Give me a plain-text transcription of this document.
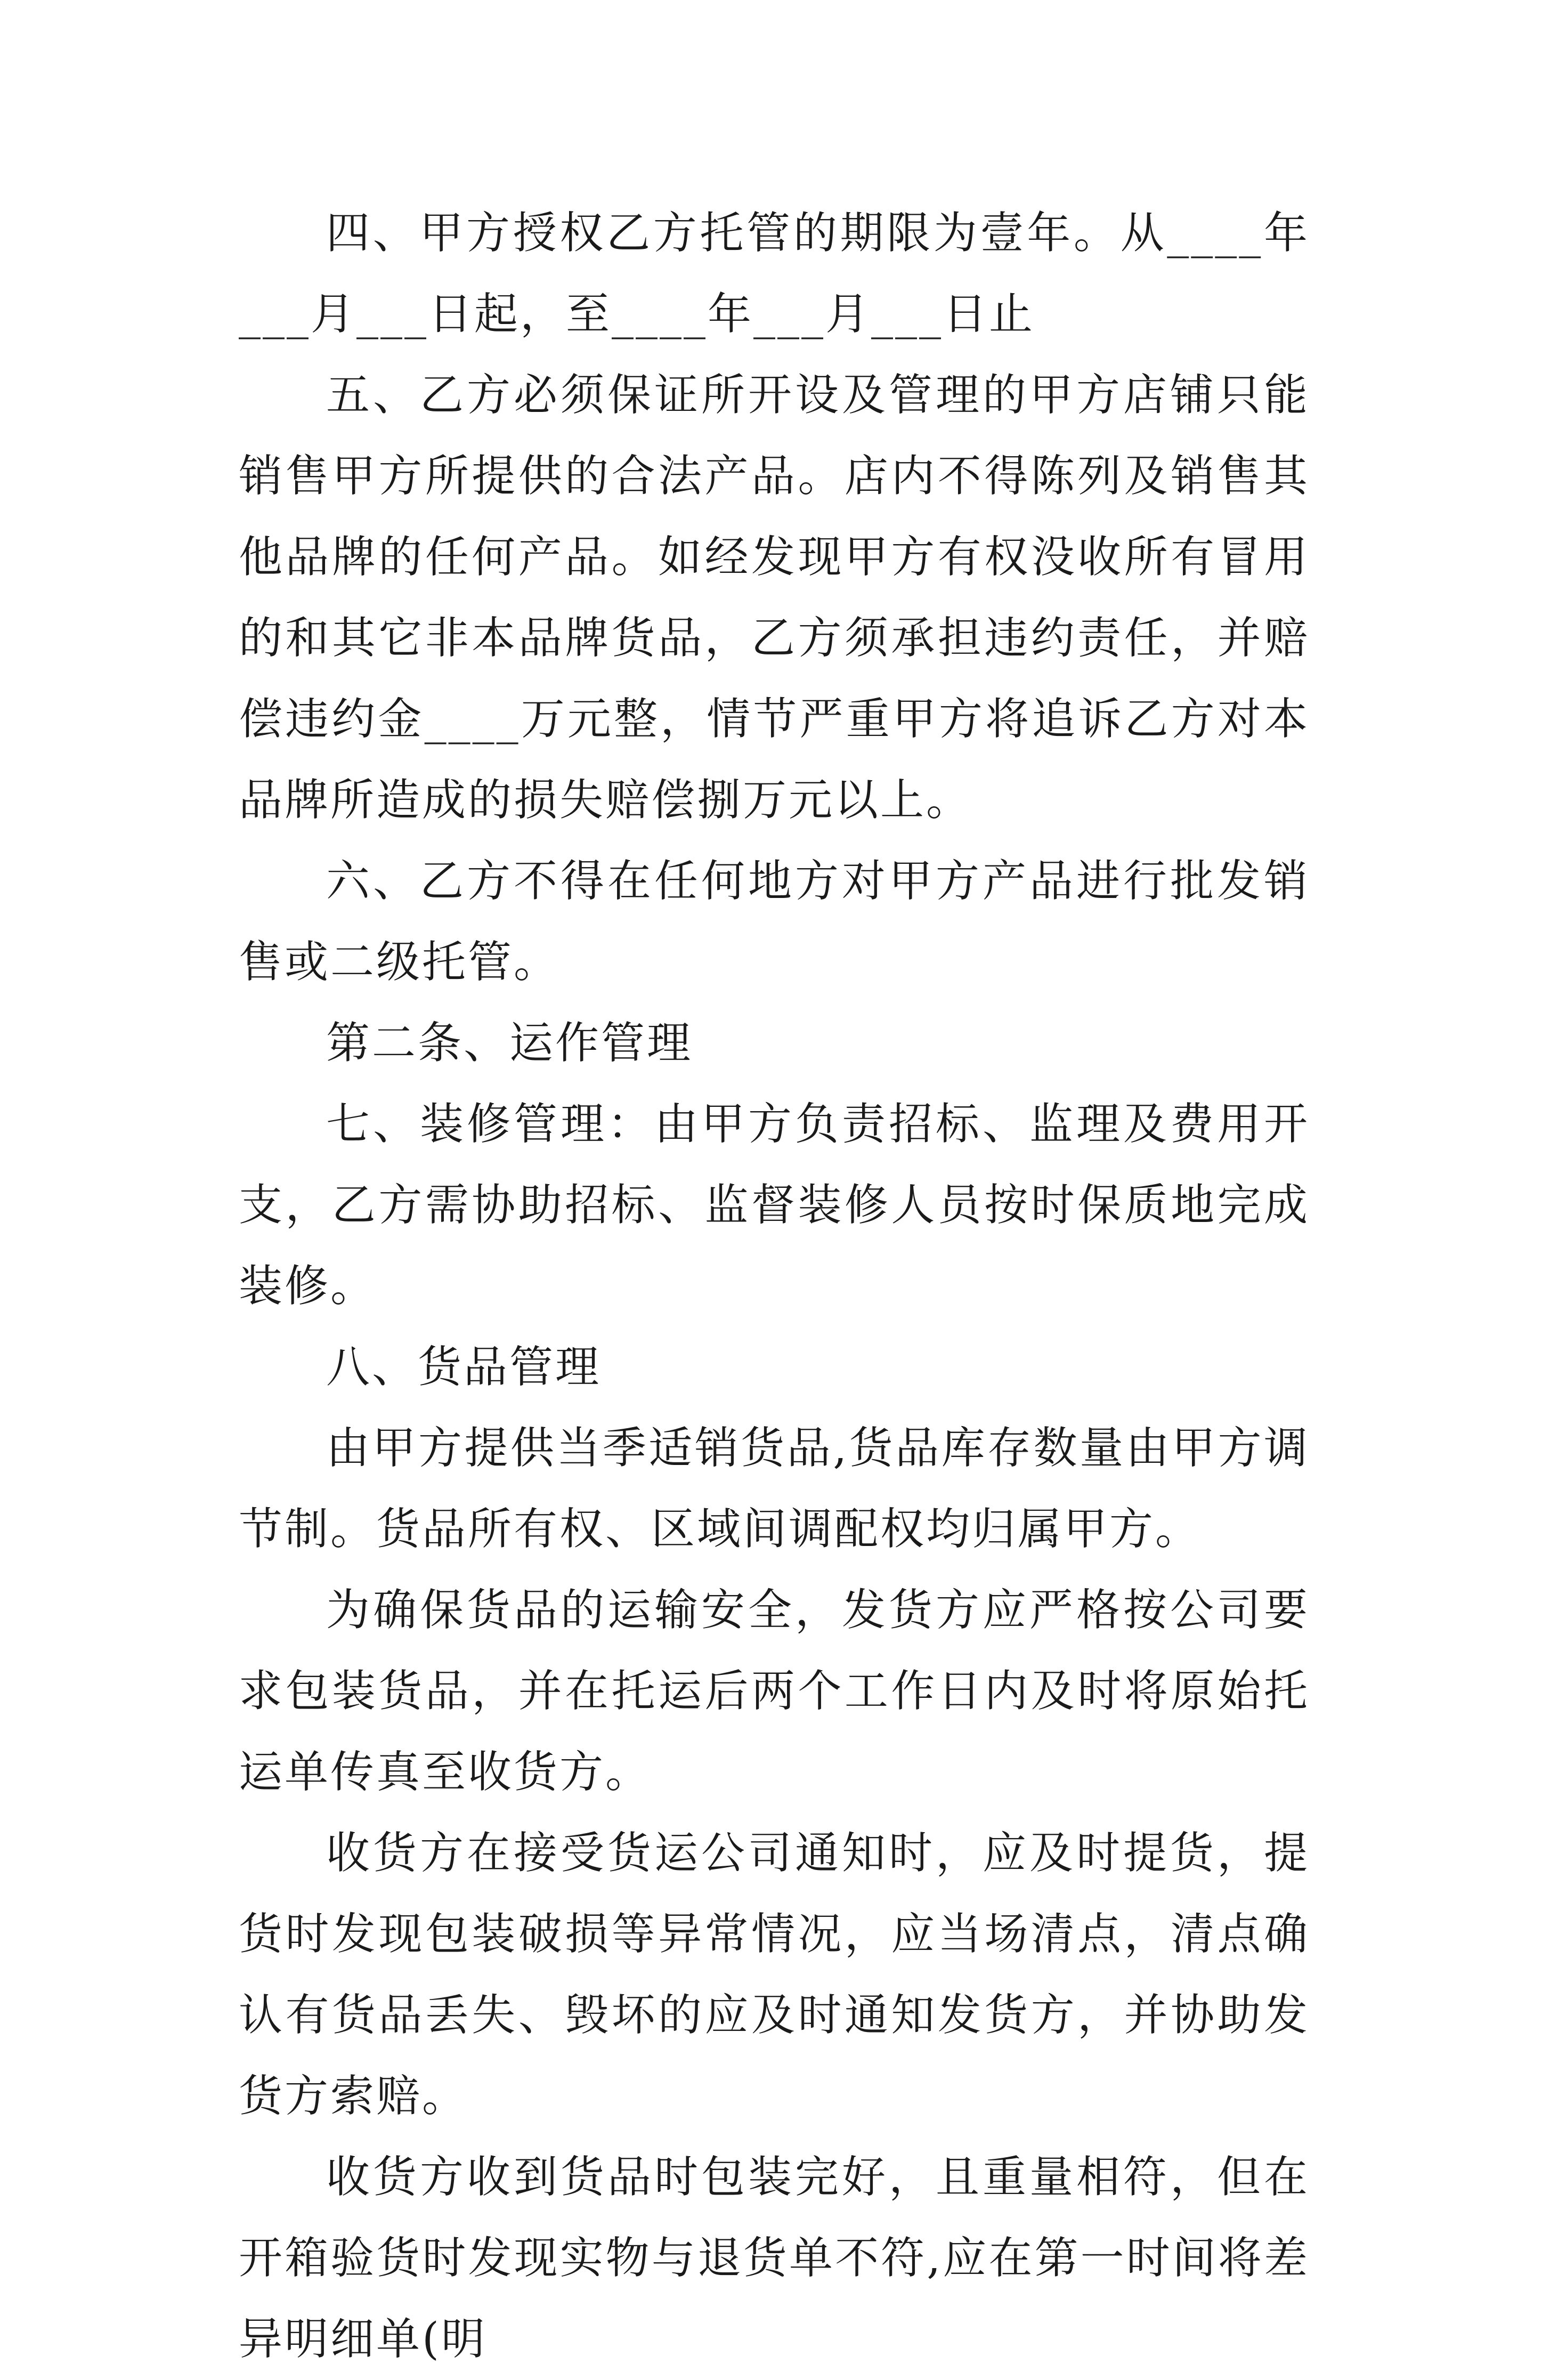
四、甲方授权乙方托管的期限为壹年。从____年___月___日起，至____年___月___日止

五、乙方必须保证所开设及管理的甲方店铺只能销售甲方所提供的合法产品。店内不得陈列及销售其他品牌的任何产品。如经发现甲方有权没收所有冒用的和其它非本品牌货品，乙方须承担违约责任，并赔偿违约金____万元整，情节严重甲方将追诉乙方对本品牌所造成的损失赔偿捌万元以上。

六、乙方不得在任何地方对甲方产品进行批发销售或二级托管。

第二条、运作管理

七、装修管理：由甲方负责招标、监理及费用开支，乙方需协助招标、监督装修人员按时保质地完成装修。

八、货品管理

由甲方提供当季适销货品,货品库存数量由甲方调节制。货品所有权、区域间调配权均归属甲方。

为确保货品的运输安全，发货方应严格按公司要求包装货品，并在托运后两个工作日内及时将原始托运单传真至收货方。

收货方在接受货运公司通知时，应及时提货，提货时发现包装破损等异常情况，应当场清点，清点确认有货品丢失、毁坏的应及时通知发货方，并协助发货方索赔。

收货方收到货品时包装完好，且重量相符，但在开箱验货时发现实物与退货单不符,应在第一时间将差异明细单(明
